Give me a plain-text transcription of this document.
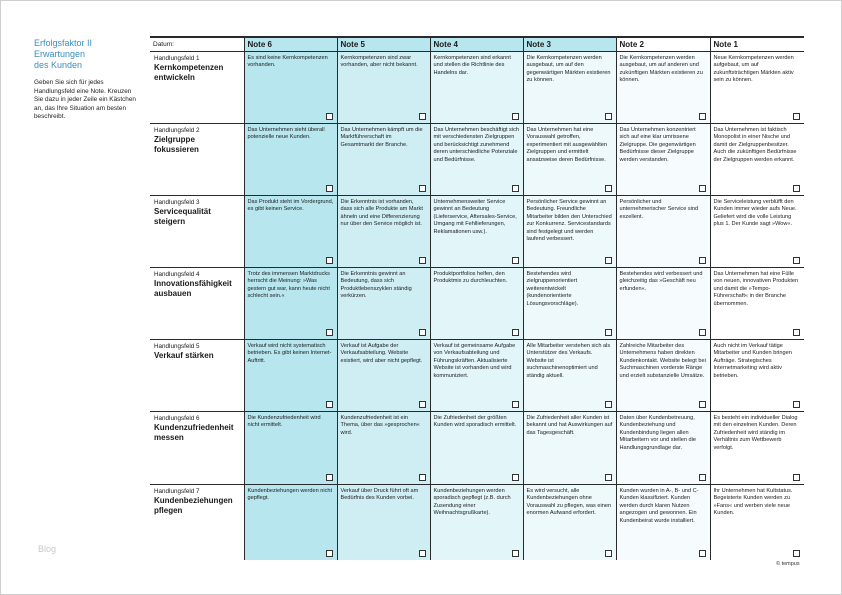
Erfolgsfaktor II
Erwartungen
des Kunden
Geben Sie sich für jedes Handlungsfeld eine Note. Kreuzen Sie dazu in jeder Zeile ein Kästchen an, das Ihre Situation am besten beschreibt.
Blog
© tempus
Datum:	Note 6	Note 5	Note 4	Note 3	Note 2	Note 1

Handlungsfeld 1
Kernkompetenzen entwickeln	Es sind keine Kernkompetenzen vorhanden.	Kernkompetenzen sind zwar vorhanden, aber nicht bekannt.	Kernkompetenzen sind erkannt und stellen die Richtlinie des Handelns dar.	Die Kernkompetenzen werden ausgebaut, um auf den gegenwärtigen Märkten existieren zu können.	Die Kernkompetenzen werden ausgebaut, um auf anderen und zukünftigen Märkten existieren zu können.	Neue Kernkompetenzen werden aufgebaut, um auf zukunftsträchtigen Märkten aktiv sein zu können.

Handlungsfeld 2
Zielgruppe fokussieren	Das Unternehmen sieht überall potenzielle neue Kunden.	Das Unternehmen kämpft um die Marktführerschaft im Gesamtmarkt der Branche.	Das Unternehmen beschäftigt sich mit verschiedensten Zielgruppen und berücksichtigt zunehmend deren unterschiedliche Potenziale und Bedürfnisse.	Das Unternehmen hat eine Vorauswahl getroffen, experimentiert mit ausgewählten Zielgruppen und ermittelt ansatzweise deren Bedürfnisse.	Das Unternehmen konzentriert sich auf eine klar umrissene Zielgruppe. Die gegenwärtigen Bedürfnisse dieser Zielgruppe werden verstanden.	Das Unternehmen ist faktisch Monopolist in einer Nische und damit der Zielgruppenbesitzer. Auch die zukünftigen Bedürfnisse der Zielgruppen werden erkannt.

Handlungsfeld 3
Servicequalität steigern	Das Produkt steht im Vordergrund, es gibt keinen Service.	Die Erkenntnis ist vorhanden, dass sich alle Produkte am Markt ähneln und eine Differenzierung nur über den Service möglich ist.	Unternehmensweiter Service gewinnt an Bedeutung (Lieferservice, Aftersales-Service, Umgang mit Fehllieferungen, Reklamationen usw.).	Persönlicher Service gewinnt an Bedeutung. Freundliche Mitarbeiter bilden den Unterschied zur Konkurrenz. Servicestandards sind festgelegt und werden laufend verbessert.	Persönlicher und unternehmerischer Service sind exzellent.	Die Serviceleistung verblüfft den Kunden immer wieder aufs Neue. Geliefert wird die volle Leistung plus 1. Der Kunde sagt »Wow«.

Handlungsfeld 4
Innovationsfähigkeit ausbauen	Trotz des immensen Marktdrucks herrscht die Meinung: »Was gestern gut war, kann heute nicht schlecht sein.«	Die Erkenntnis gewinnt an Bedeutung, dass sich Produktlebenszyklen ständig verkürzen.	Produktportfolios helfen, den Produktmix zu durchleuchten.	Bestehendes wird zielgruppenorientiert weiterentwickelt (kundenorientierte Lösungsvorschläge).	Bestehendes wird verbessert und gleichzeitig das »Geschäft neu erfunden«.	Das Unternehmen hat eine Fülle von neuen, innovativen Produkten und damit die »Tempo-Führerschaft« in der Branche übernommen.

Handlungsfeld 5
Verkauf stärken	Verkauf wird nicht systematisch betrieben. Es gibt keinen Internet-Auftritt.	Verkauf ist Aufgabe der Verkaufsabteilung. Website existiert, wird aber nicht gepflegt.	Verkauf ist gemeinsame Aufgabe von Verkaufsabteilung und Führungskräften. Aktualisierte Website ist vorhanden und wird kommuniziert.	Alle Mitarbeiter verstehen sich als Unterstützer des Verkaufs. Website ist suchmaschinenoptimiert und ständig aktuell.	Zahlreiche Mitarbeiter des Unternehmens haben direkten Kundenkontakt. Website belegt bei Suchmaschinen vorderste Ränge und erzielt substanzielle Umsätze.	Auch nicht im Verkauf tätige Mitarbeiter und Kunden bringen Aufträge. Strategisches Internetmarketing wird aktiv betrieben.

Handlungsfeld 6
Kundenzufriedenheit messen	Die Kundenzufriedenheit wird nicht ermittelt.	Kundenzufriedenheit ist ein Thema, über das »gesprochen« wird.	Die Zufriedenheit der größten Kunden wird sporadisch ermittelt.	Die Zufriedenheit aller Kunden ist bekannt und hat Auswirkungen auf das Tagesgeschäft.	Daten über Kundenbetreuung, Kundenbeziehung und Kundenbindung liegen allen Mitarbeitern vor und stellen die Handlungsgrundlage dar.	Es besteht ein individueller Dialog mit den einzelnen Kunden. Deren Zufriedenheit wird ständig im Verhältnis zum Wettbewerb verfolgt.

Handlungsfeld 7
Kundenbeziehungen pflegen	Kundenbeziehungen werden nicht gepflegt.	Verkauf über Druck führt oft am Bedürfnis des Kunden vorbei.	Kundenbeziehungen werden sporadisch gepflegt (z.B. durch Zusendung einer Weihnachtsgrußkarte).	Es wird versucht, alle Kundenbeziehungen ohne Vorauswahl zu pflegen, was einen enormen Aufwand erfordert.	Kunden wurden in A-, B- und C-Kunden klassifiziert. Kunden werden durch klaren Nutzen angezogen und gewonnen. Ein Kundenbeirat wurde installiert.	Ihr Unternehmen hat Kultstatus. Begeisterte Kunden werden zu »Fans« und werben viele neue Kunden.
